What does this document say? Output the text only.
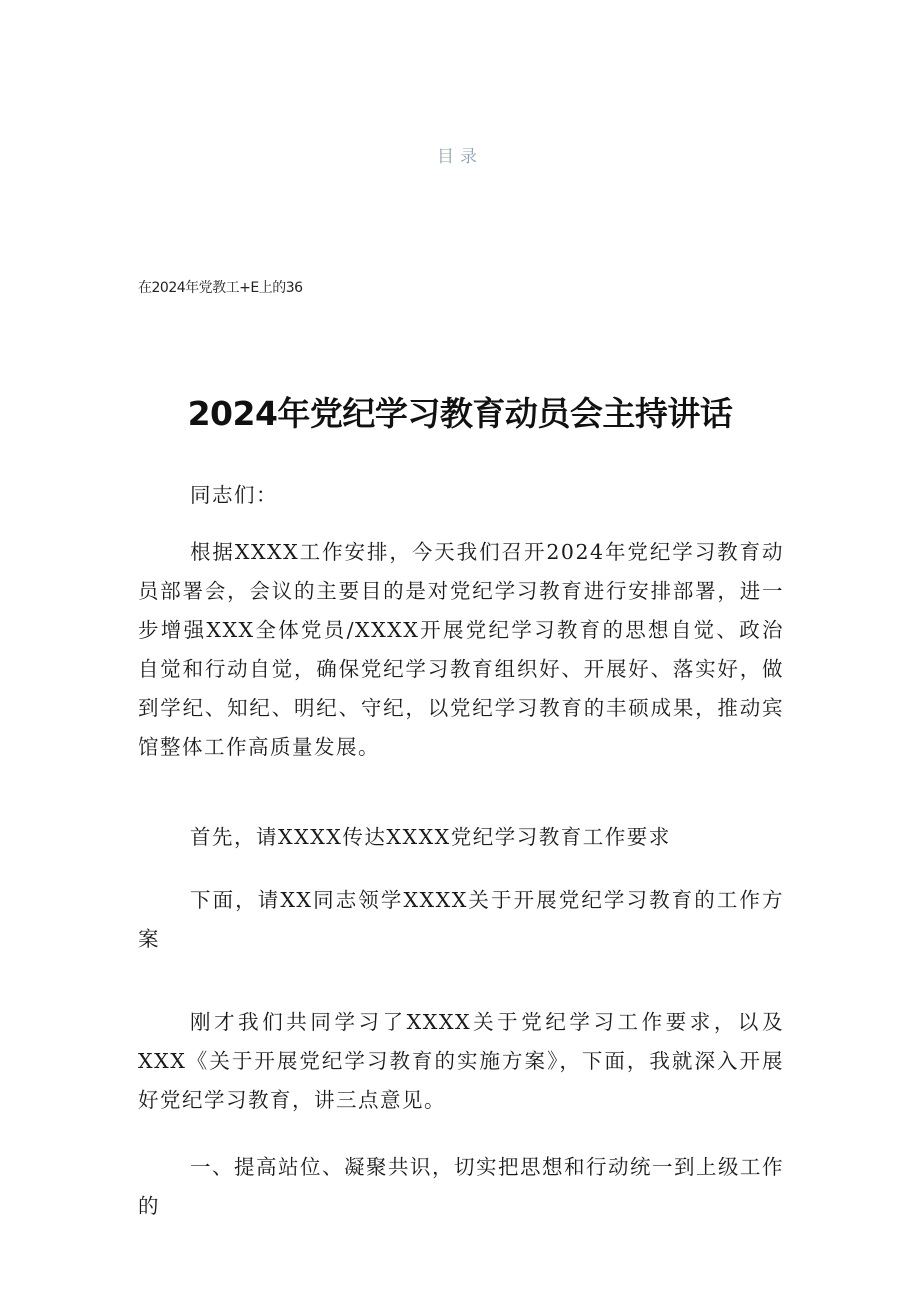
目录
在2024年党教工+E上的36
2024年党纪学习教育动员会主持讲话

同志们：

根据XXXX工作安排，今天我们召开2024年党纪学习教育动员部署会，会议的主要目的是对党纪学习教育进行安排部署，进一步增强XXX全体党员/XXXX开展党纪学习教育的思想自觉、政治自觉和行动自觉，确保党纪学习教育组织好、开展好、落实好，做到学纪、知纪、明纪、守纪，以党纪学习教育的丰硕成果，推动宾馆整体工作高质量发展。

首先，请XXXX传达XXXX党纪学习教育工作要求

下面，请XX同志领学XXXX关于开展党纪学习教育的工作方案

刚才我们共同学习了XXXX关于党纪学习工作要求，以及XXX《关于开展党纪学习教育的实施方案》，下面，我就深入开展好党纪学习教育，讲三点意见。

一、提高站位、凝聚共识，切实把思想和行动统一到上级工作的
